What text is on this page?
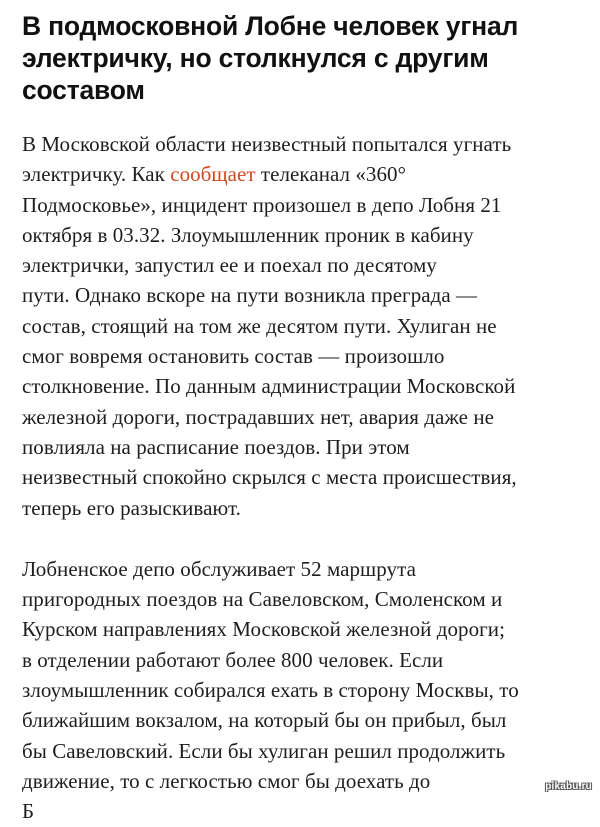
В подмосковной Лобне человек угнал
электричку, но столкнулся с другим
составом

В Московской области неизвестный попытался угнать
электричку. Как сообщает телеканал «360°
Подмосковье», инцидент произошел в депо Лобня 21
октября в 03.32. Злоумышленник проник в кабину
электрички, запустил ее и поехал по десятому
пути. Однако вскоре на пути возникла преграда —
состав, стоящий на том же десятом пути. Хулиган не
смог вовремя остановить состав — произошло
столкновение. По данным администрации Московской
железной дороги, пострадавших нет, авария даже не
повлияла на расписание поездов. При этом
неизвестный спокойно скрылся с места происшествия,
теперь его разыскивают.

Лобненское депо обслуживает 52 маршрута
пригородных поездов на Савеловском, Смоленском и
Курском направлениях Московской железной дороги;
в отделении работают более 800 человек. Если
злоумышленник собирался ехать в сторону Москвы, то
ближайшим вокзалом, на который бы он прибыл, был
бы Савеловский. Если бы хулиган решил продолжить
движение, то с легкостью смог бы доехать до
Б

pikabu.ru
